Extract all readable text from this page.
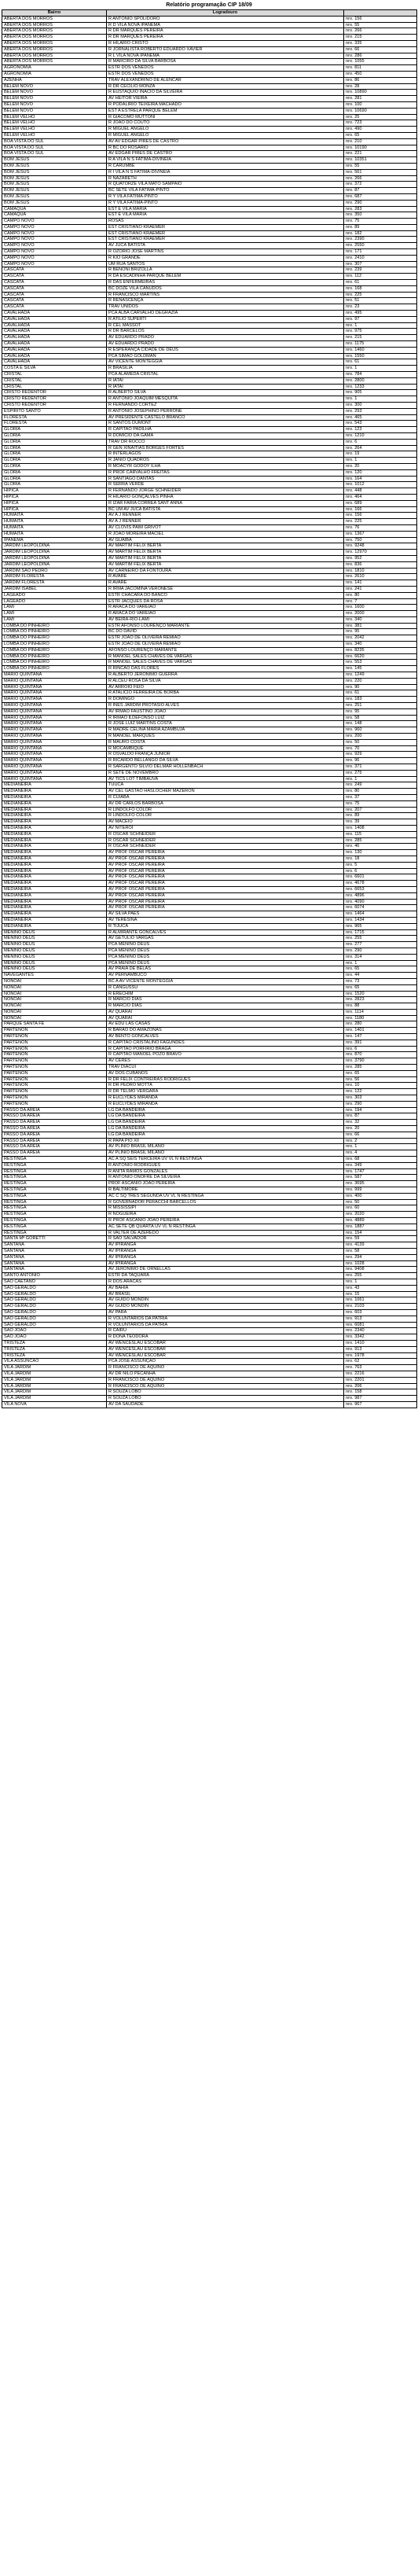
Relatório programação CIP 18/09
Bairro	Logradouro	
ABERTA DOS MORROS	R ANTONIO SPOLIDORO	nro. 156
ABERTA DOS MORROS	R D VILA NOVA IPANEMA	nro. 55
ABERTA DOS MORROS	R DR MARQUES PEREIRA	nro. 266
ABERTA DOS MORROS	R DR MARQUES PEREIRA	nro. 215
ABERTA DOS MORROS	R HILARIO CRISTO	nro. 335
ABERTA DOS MORROS	R JORNALISTA ROBERTO EDUARDO XAVIER	nro. 66
ABERTA DOS MORROS	R L VILA NOVA IPANEMA	nro. 286
ABERTA DOS MORROS	R MARCIRO DA SILVA BARBOSA	nro. 1055
AGRONOMIA	ESTR DOS VENEDOS	nro. 811
AGRONOMIA	ESTR DOS VENEDOS	nro. 450
AZENHA	TRAV ALEXANDRINO DE ALENCAR	nro. 86
BELEM NOVO	R DR CECILIO MONZA	nro. 28
BELEM NOVO	R EUSTAQUIO INACIO DA SILVEIRA	nro. 10890
BELEM NOVO	AV HEITOR VIEIRA	nro. 281
BELEM NOVO	R PODALIRIO TEIXEIRA MACHADO	nro. 100
BELEM NOVO	EST A ESTRELA PARQUE BELEM	nro. 10690
BELEM VELHO	R GIACOMO MUTTONI	nro. 25
BELEM VELHO	R JOAO DO COUTO	nro. 723
BELEM VELHO	R MIGUEL ANGELO	nro. 490
BELEM VELHO	R MIGUEL ANGELO	nro. 65
BOA VISTA DO SUL	AV AV EDGAR PIRES DE CASTRO	nro. 210
BOA VISTA DO SUL	R BC DO ROSARIO	nro. 10190
BOA VISTA DO SUL	AV EDGAR PIRES DE CASTRO	nro. 221
BOM JESUS	R A VILA N S FATIMA-DIVINEIA	nro. 10351
BOM JESUS	R CARUMBE	nro. 55
BOM JESUS	R I VILA N S FATIMA-DIVINEIA	nro. 561
BOM JESUS	R NAZARETH	nro. 266
BOM JESUS	R QUATORZE VILA MATO SAMPAIO	nro. 372
BOM JESUS	BC SETE VILA FATIMA-PINTO	nro. 87
BOM JESUS	R Y VILA FATIMA-PINTO	nro. 687
BOM JESUS	R Y VILA FATIMA-PINTO	nro. 290
CAMAQUÃ	EST E VILA MARIA	nro. 283
CAMAQUÃ	EST E VILA MARIA	nro. 350
CAMPO NOVO	ROSAS	nro. 75
CAMPO NOVO	EST CRISTIANO KRAEMER	nro. 89
CAMPO NOVO	EST CRISTIANO KRAEMER	nro. 182
CAMPO NOVO	EST CRISTIANO KRAEMER	nro. 2390
CAMPO NOVO	AV JUCA BATISTA	nro. 2550
CAMPO NOVO	R OZORIO JOSE MARTINS	nro. 171
CAMPO NOVO	R KIO GRANDE	nro. 2410
CAMPO NOVO	UM RUA SANTOS	nro. 307
CASCATA	R BENONI BRIZOLLA	nro. 239
CASCATA	R DA ESCADINHA PARQUE BELEM	nro. 112
CASCATA	R DAS ENFERMEIRAS	nro. 61
CASCATA	BC DOZE VILA CANUDOS	nro. 168
CASCATA	R FRANCISCO MARTINS	nro. 225
CASCATA	R RENASCENÇA	nro. 51
CASCATA	TRAV UNIDOS	nro. 23
CAVALHADA	PCA ALBA CARVALHO DEGRAZIA	nro. 495
CAVALHADA	R ATILIO SUPERTI	nro. 97
CAVALHADA	R CEL MASSOT	nro. 1
CAVALHADA	R DR BARCELOS	nro. 975
CAVALHADA	AV EDUARDO PRADO	nro. 215
CAVALHADA	AV EDUARDO PRADO	nro. 1175
CAVALHADA	R ESPERANÇA CIDADE DE DEUS	nro. 1460
CAVALHADA	PCA SIMAO GOLDMAN	nro. 1550
CAVALHADA	AV VICENTE MONTEGGIA	nro. 61
COSTA E SILVA	R BRASILIA	nro. 1
CRISTAL	PCA ALAMEDA CRISTAL	nro. 784
CRISTAL	R IATAI	nro. 2800
CRISTAL	R IATAI	nro. 1233
CRISTO REDENTOR	R ALBERTO SILVA	nro. 905
CRISTO REDENTOR	R ANTONIO JOAQUIM MESQUITA	nro. 1
CRISTO REDENTOR	R FERNANDO CORTEZ	nro. 300
ESPIRITO SANTO	R ANTONIO JOSEPHINO PERRONE	nro. 293
FLORESTA	AV PRESIDENTE CASTELO BRANCO	nro. 465
FLORESTA	R SANTOS DUMONT	nro. 543
GLORIA	R CAPITAO PADILHA	nro. 123
GLORIA	R DOMICIO DA GAMA	nro. 1210
GLORIA	TRAV DR ROCCO	nro. 6
GLORIA	R GEN XINAITIAS BORGES FORTES	nro. 264
GLORIA	R INTERLAGOS	nro. 19
GLORIA	R JANIO QUADROS	nro. 1
GLORIA	R MOACYR GODOY ILHA	nro. 20
GLORIA	R PROF CARVALHO FREITAS	nro. 120
GLORIA	R SANTIAGO DANTAS	nro. 164
GLORIA	R SERRA VERDE	nro. 1012
HIPICA	R FERNANDO JORGE SCHNEIDER	nro. 448
HIPICA	R HILARIO GONÇALVES PINHA	nro. 464
HIPICA	R IZAR FARIA CORREA SANT ANNA	nro. 689
HIPICA	BC UM AV JUCA BATISTA	nro. 166
HUMAITA	AV A J RENNER	nro. 156
HUMAITA	AV A J RENNER	nro. 225
HUMAITA	AV CLOVIS PAIM GRIVOT	nro. 76
HUMAITA	R JOAO MOREIRA MACIEL	nro. 1367
IPANEMA	AV GUAIBA	nro. 750
JARDIM LEOPOLDINA	AV MARTIM FELIX BERTA	nro. 9248
JARDIM LEOPOLDINA	AV MARTIM FELIX BERTA	nro. 12970
JARDIM LEOPOLDINA	AV MARTIM FELIX BERTA	nro. 952
JARDIM LEOPOLDINA	AV MARTIM FELIX BERTA	nro. 836
JARDIM SAO PEDRO	AV CARNEIRO DA FONTOURA	nro. 1810
JARDIM FLORESTA	R AVARE	nro. 2610
JARDIM FLORESTA	R AVARE	nro. 141
JARDIM ISABEL	R IRMA JACOMINA VERONESE	nro. 241
LAGEADO	ESTR CHACARA DO BANCO	nro. 80
LAGEADO	ESTR JACQUES DA ROSA	nro. 7
LAMI	R ARACA DO VAREIAO	nro. 1600
LAMI	R ARACA DO VAREIAO	nro. 2000
LAMI	AV BEIRA-RIO-LAMI	nro. 340
LOMBA DO PINHEIRO	ESTR AFONSO LOURENÇO MARIANTE	nro. 381
LOMBA DO PINHEIRO	BC DO DAVID	nro. 95
LOMBA DO PINHEIRO	ESTR JOAO DE OLIVEIRA REMIAO	nro. 2042
LOMBA DO PINHEIRO	ESTR JOAO DE OLIVEIRA REMIAO	nro. 340
LOMBA DO PINHEIRO	AFONSO LOURENÇO MARIANTE	nro. 8235
LOMBA DO PINHEIRO	R MANOEL SALES CHAVES DE VARGAS	nro. 6620
LOMBA DO PINHEIRO	R MANOEL SALES CHAVES DE VARGAS	nro. 553
LOMBA DO PINHEIRO	R RINCAO DAS FLORES	nro. 145
MARIO QUINTANA	R ALBERTO JERONIMO GUERRA	nro. 1249
MARIO QUINTANA	R ALCEU ROSA DA SILVA	nro. 220
MARIO QUINTANA	AV ARROIO FEIO	nro. 90
MARIO QUINTANA	R ATALICIO FERREIRA DE BORBA	nro. 61
MARIO QUINTANA	R DOMINGO	nro. 183
MARIO QUINTANA	R INES JARDIM PROTASIO ALVES	nro. 251
MARIO QUINTANA	AV IRMAO FAUSTINO JOAO	nro. 95
MARIO QUINTANA	R IRMAO ILDEFONSO LUIZ	nro. 58
MARIO QUINTANA	R JOSE LUIZ MARTINS COSTA	nro. 148
MARIO QUINTANA	R MADRE CELINA MARIA AZAMBUJA	nro. 960
MARIO QUINTANA	R MANOEL MARQUES	nro. 200
MARIO QUINTANA	R MAURO COSTA	nro. 50
MARIO QUINTANA	R MOCAMBIQUE	nro. 70
MARIO QUINTANA	R OSVALDO FRANÇA JUNIOR	nro. 929
MARIO QUINTANA	R RICARDO BELLANGO DA SILVA	nro. 96
MARIO QUINTANA	R SARGENTO SILVIO DELMAR HOLLENBACH	nro. 371
MARIO QUINTANA	R SETE DE NOVEMBRO	nro. 275
MARIO QUINTANA	AV TICS LOT TIMBAUVA	nro. 1
MEDIANEIRA	TUUCA	nro. 249
MEDIANEIRA	AV CEL GASTAO HASLOCHER MAZERON	nro. 80
MEDIANEIRA	R CUIABA	nro. 37
MEDIANEIRA	AV DR CARLOS BARBOSA	nro. 75
MEDIANEIRA	R LINDOLFO COLOR	nro. 207
MEDIANEIRA	R LINDOLFO COLOR	nro. 89
MEDIANEIRA	AV MACEIO	nro. 39
MEDIANEIRA	AV NITEROI	nro. 1408
MEDIANEIRA	R OSCAR SCHNEIDER	nro. 115
MEDIANEIRA	R OSCAR SCHNEIDER	nro. 285
MEDIANEIRA	R OSCAR SCHNEIDER	nro. 46
MEDIANEIRA	AV PROF OSCAR PEREIRA	nro. 130
MEDIANEIRA	AV PROF OSCAR PEREIRA	nro. 18
MEDIANEIRA	AV PROF OSCAR PEREIRA	nro. 5
MEDIANEIRA	AV PROF OSCAR PEREIRA	nro. 6
MEDIANEIRA	AV PROF OSCAR PEREIRA	nro. 6601
MEDIANEIRA	AV PROF OSCAR PEREIRA	nro. 4678
MEDIANEIRA	AV PROF OSCAR PEREIRA	nro. 6653
MEDIANEIRA	AV PROF OSCAR PEREIRA	nro. 4896
MEDIANEIRA	AV PROF OSCAR PEREIRA	nro. 4090
MEDIANEIRA	AV PROF OSCAR PEREIRA	nro. 6074
MEDIANEIRA	AV SILVA PAES	nro. 1464
MEDIANEIRA	AV TERESINA	nro. 1434
MEDIANEIRA	R TIJUCA	nro. 965
MENINO DEUS	R ALMIRANTE GONCALVES	nro. 1715
MENINO DEUS	AV GETULIO VARGAS	nro. 255
MENINO DEUS	PCA MENINO DEUS	nro. 277
MENINO DEUS	PCA MENINO DEUS	nro. 290
MENINO DEUS	PCA MENINO DEUS	nro. 314
MENINO DEUS	PCA MENINO DEUS	nro. 1
MENINO DEUS	AV PRAIA DE BELAS	nro. 65
NAVEGANTES	AV PERNAMBUCO	nro. 44
NONOAI	BC A AV VICENTE MONTEGGIA	nro. 73
NONOAI	R CANGUSSU	nro. 65
NONOAI	R ERECHIM	nro. 1520
NONOAI	R MARCIO DIAS	nro. 2823
NONOAI	R MARCIO DIAS	nro. 88
NONOAI	AV QUARAI	nro. 1114
NONOAI	AV QUARAI	nro. 1180
PARQUE SANTA FE	AV EDU LAS CASAS	nro. 280
PARTENON	R BARAO DO AMAZONAS	nro. 1401
PARTENON	AV BENTO GONCALVES	nro. 147
PARTENON	R CAPITAO CRISTALINO FAGUNDES	nro. 391
PARTENON	R CAPITAO PORFIRIO BRAGA	nro. 6
PARTENON	R CAPITAO MANOEL POZO BRAVO	nro. 870
PARTENON	AV CERES	nro. 3790
PARTENON	TRAV DIACUI	nro. 285
PARTENON	AV DOS CUBANOS	nro. 65
PARTENON	R DR FELIX CONTREIRAS RODRIGUES	nro. 56
PARTENON	R DR PEDRO MOTTA	nro. 10
PARTENON	R DR TELMO VERGARA	nro. 122
PARTENON	R EUCLYDES MIRANDA	nro. 303
PARTENON	R EUCLYDES MIRANDA	nro. 290
PASSO DA AREIA	LG DA BANDEIRA	nro. 194
PASSO DA AREIA	LG DA BANDEIRA	nro. 87
PASSO DA AREIA	LG DA BANDEIRA	nro. 32
PASSO DA AREIA	LG DA BANDEIRA	nro. 20
PASSO DA AREIA	LG DA BANDEIRA	nro. 66
PASSO DA AREIA	R PAPA PIO XII	nro. 2
PASSO DA AREIA	AV PLINIO BRASIL MILANO	nro. 1
PASSO DA AREIA	AV PLINIO BRASIL MILANO	nro. 4
RESTINGA	AC A SQ SEIS TERCEIRA UV VL N RESTINGA	nro. 68
RESTINGA	R ANTONIO RODRIGUES	nro. 349
RESTINGA	R ANITA RAMOS GONZALES	nro. 1747
RESTINGA	R ANTONIO ONOFRE DA SILVEIRA	nro. 587
RESTINGA	PROF ASCANIO JOAO PEREIRA	nro. 3695
RESTINGA	R BALTIMORE	nro. 999
RESTINGA	AC C SQ TRÊS SEGUNDA UV VL N RESTINGA	nro. 400
RESTINGA	R GOVERNADOR PERACCHI BARCELLOS	nro. 50
RESTINGA	R MISSISSIPI	nro. 60
RESTINGA	R NOGUEIRA	nro. 2020
RESTINGA	R PROF ASCANIO JOAO PEREIRA	nro. 4889
RESTINGA	AC SETE QB QUARTA UV VL N RESTINGA	nro. 1887
RESTINGA	R VALTER DE AZEREDO	nro. 154
SANTA Mª GORETTI	R SAO SALVADOR	nro. 59
SANTANA	AV IPIRANGA	nro. 4139
SANTANA	AV IPIRANGA	nro. 58
SANTANA	AV IPIRANGA	nro. 294
SANTANA	AV IPIRANGA	nro. 1028
SANTANA	AV JERONIMO DE ORNELLAS	nro. 9408
SANTO ANTONIO	ESTR DA TAQUARA	nro. 255
SAO CAETANO	R DOS ARACAS	nro. 1
SAO GERALDO	AV BAHIA	nro. 43
SAO GERALDO	AV BRASIL	nro. 15
SAO GERALDO	AV GUIDO MONDIN	nro. 1061
SAO GERALDO	AV GUIDO MONDIN	nro. 2103
SAO GERALDO	AV PARA	nro. 603
SAO GERALDO	R VOLUNTARIOS DA PATRIA	nro. 913
SAO GERALDO	R VOLUNTARIOS DA PATRIA	nro. 6081
SAO JOAO	R CAIRU	nro. 2340
SAO JOAO	R DONA TEODORA	nro. 3342
TRISTEZA	AV WENCESLAU ESCOBAR	nro. 1410
TRISTEZA	AV WENCESLAU ESCOBAR	nro. 913
TRISTEZA	AV WENCESLAU ESCOBAR	nro. 1978
VILA ASSUNCAO	PCA JOSE ASSUNÇÃO	nro. 62
VILA JARDIM	R FRANCISCO DE AQUINO	nro. 763
VILA JARDIM	AV DR NILO PECANHA	nro. 2216
VILA JARDIM	R FRANCISCO DE AQUINO	nro. 2201
VILA JARDIM	R FRANCISCO DE AQUINO	nro. 206
VILA JARDIM	R SOUZA LOBO	nro. 158
VILA JARDIM	R SOUZA LOBO	nro. 987
VILA NOVA	AV DA SAUDADE	nro. 967
